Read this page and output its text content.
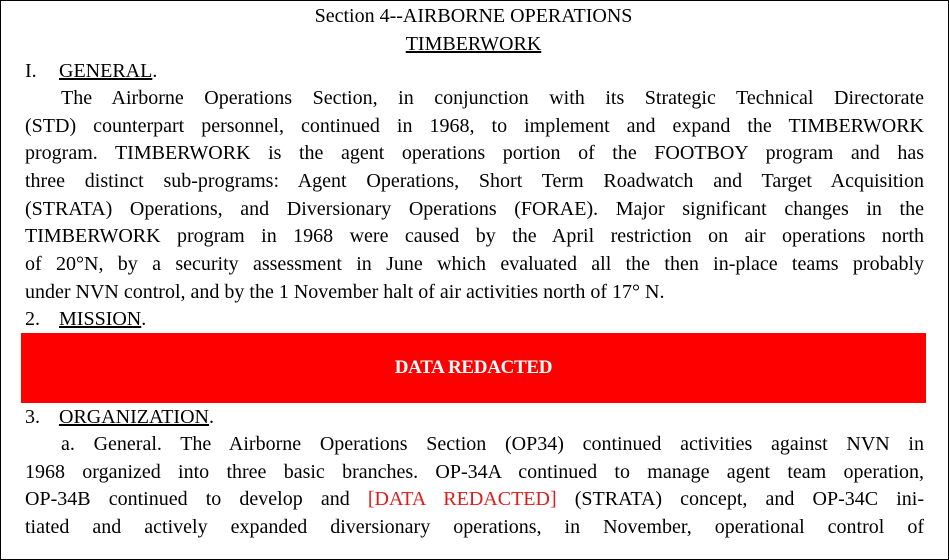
Section 4--AIRBORNE OPERATIONS
TIMBERWORK
I. GENERAL.
The Airborne Operations Section, in conjunction with its Strategic Technical Directorate
(STD) counterpart personnel, continued in 1968, to implement and expand the TIMBERWORK
program. TIMBERWORK is the agent operations portion of the FOOTBOY program and has
three distinct sub-programs: Agent Operations, Short Term Roadwatch and Target Acquisition
(STRATA) Operations, and Diversionary Operations (FORAE). Major significant changes in the
TIMBERWORK program in 1968 were caused by the April restriction on air operations north
of 20°N, by a security assessment in June which evaluated all the then in-place teams probably
under NVN control, and by the 1 November halt of air activities north of 17° N.
2. MISSION.
DATA REDACTED
3. ORGANIZATION.
a. General. The Airborne Operations Section (OP34) continued activities against NVN in
1968 organized into three basic branches. OP-34A continued to manage agent team operation,
OP-34B continued to develop and [DATA REDACTED] (STRATA) concept, and OP-34C ini-
tiated and actively expanded diversionary operations, in November, operational control of
